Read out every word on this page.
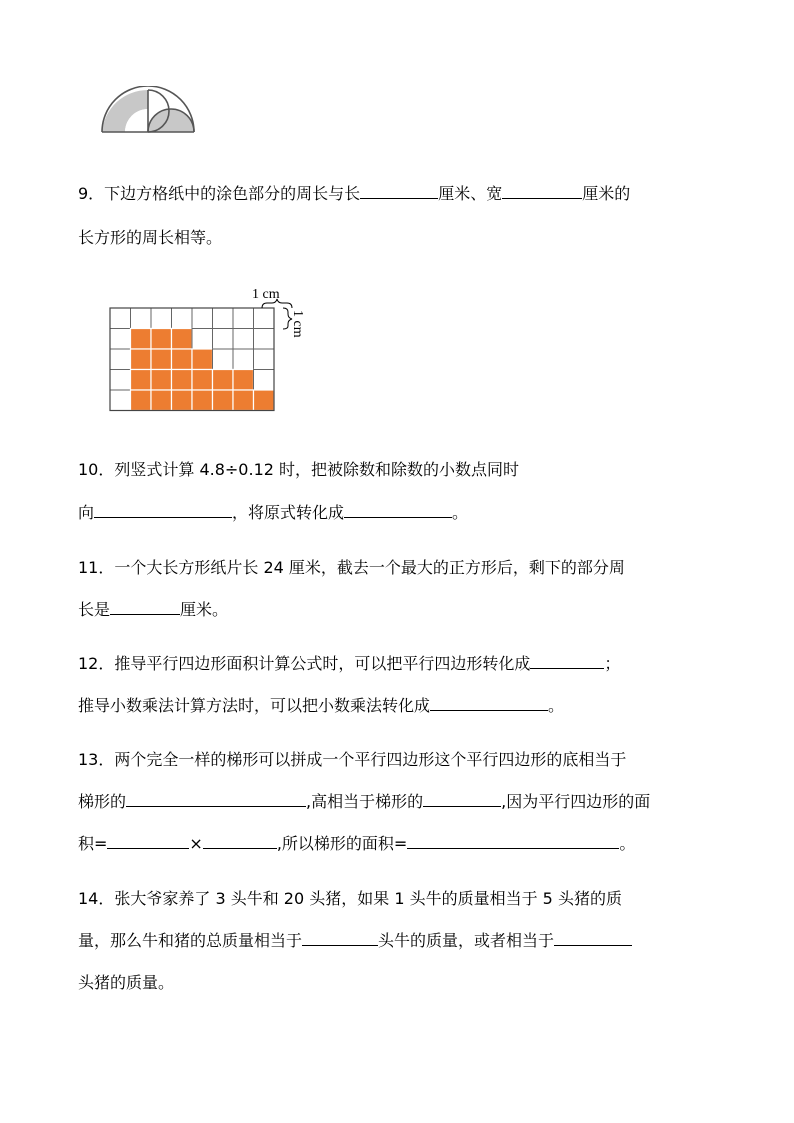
9．下边方格纸中的涂色部分的周长与长	厘米、宽	厘米的
长方形的周长相等。
1 cm
1 cm
10．列竖式计算 4.8÷0.12 时，把被除数和除数的小数点同时
向	，将原式转化成	。
11．一个大长方形纸片长 24 厘米，截去一个最大的正方形后，剩下的部分周
长是	厘米。
12．推导平行四边形面积计算公式时，可以把平行四边形转化成	；
推导小数乘法计算方法时，可以把小数乘法转化成	。
13．两个完全一样的梯形可以拼成一个平行四边形这个平行四边形的底相当于
梯形的	,高相当于梯形的	,因为平行四边形的面
积=	×	,所以梯形的面积=	。
14．张大爷家养了 3 头牛和 20 头猪，如果 1 头牛的质量相当于 5 头猪的质
量，那么牛和猪的总质量相当于	头牛的质量，或者相当于
头猪的质量。
